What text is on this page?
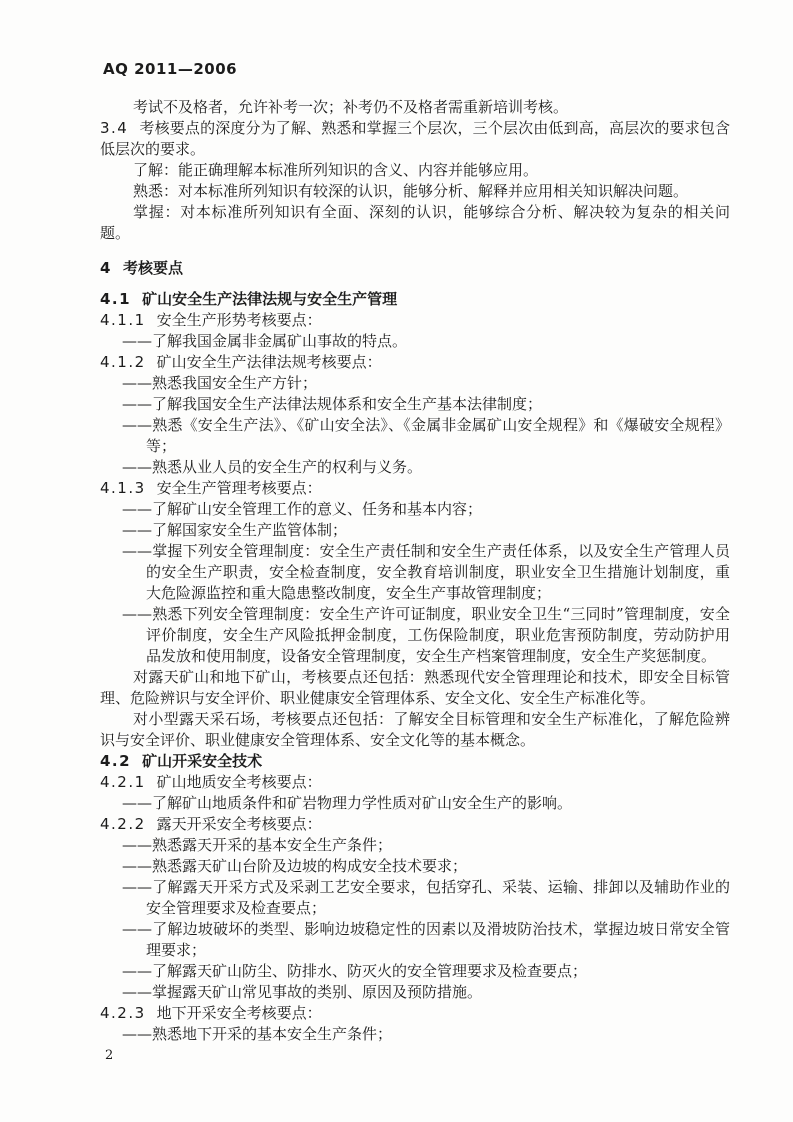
AQ 2011—2006

考试不及格者，允许补考一次；补考仍不及格者需重新培训考核。

3.4 考核要点的深度分为了解、熟悉和掌握三个层次，三个层次由低到高，高层次的要求包含低层次的要求。

了解：能正确理解本标准所列知识的含义、内容并能够应用。

熟悉：对本标准所列知识有较深的认识，能够分析、解释并应用相关知识解决问题。

掌握：对本标准所列知识有全面、深刻的认识，能够综合分析、解决较为复杂的相关问题。

4 考核要点

4.1 矿山安全生产法律法规与安全生产管理

4.1.1 安全生产形势考核要点：

——了解我国金属非金属矿山事故的特点。

4.1.2 矿山安全生产法律法规考核要点：

——熟悉我国安全生产方针；

——了解我国安全生产法律法规体系和安全生产基本法律制度；

——熟悉《安全生产法》、《矿山安全法》、《金属非金属矿山安全规程》和《爆破安全规程》等；

——熟悉从业人员的安全生产的权利与义务。

4.1.3 安全生产管理考核要点：

——了解矿山安全管理工作的意义、任务和基本内容；

——了解国家安全生产监管体制；

——掌握下列安全管理制度：安全生产责任制和安全生产责任体系，以及安全生产管理人员的安全生产职责，安全检查制度，安全教育培训制度，职业安全卫生措施计划制度，重大危险源监控和重大隐患整改制度，安全生产事故管理制度；

——熟悉下列安全管理制度：安全生产许可证制度，职业安全卫生“三同时”管理制度，安全评价制度，安全生产风险抵押金制度，工伤保险制度，职业危害预防制度，劳动防护用品发放和使用制度，设备安全管理制度，安全生产档案管理制度，安全生产奖惩制度。

对露天矿山和地下矿山，考核要点还包括：熟悉现代安全管理理论和技术，即安全目标管理、危险辨识与安全评价、职业健康安全管理体系、安全文化、安全生产标准化等。

对小型露天采石场，考核要点还包括：了解安全目标管理和安全生产标准化，了解危险辨识与安全评价、职业健康安全管理体系、安全文化等的基本概念。

4.2 矿山开采安全技术

4.2.1 矿山地质安全考核要点：

——了解矿山地质条件和矿岩物理力学性质对矿山安全生产的影响。

4.2.2 露天开采安全考核要点：

——熟悉露天开采的基本安全生产条件；

——熟悉露天矿山台阶及边坡的构成安全技术要求；

——了解露天开采方式及采剥工艺安全要求，包括穿孔、采装、运输、排卸以及辅助作业的安全管理要求及检查要点；

——了解边坡破坏的类型、影响边坡稳定性的因素以及滑坡防治技术，掌握边坡日常安全管理要求；

——了解露天矿山防尘、防排水、防灭火的安全管理要求及检查要点；

——掌握露天矿山常见事故的类别、原因及预防措施。

4.2.3 地下开采安全考核要点：

——熟悉地下开采的基本安全生产条件；

2
